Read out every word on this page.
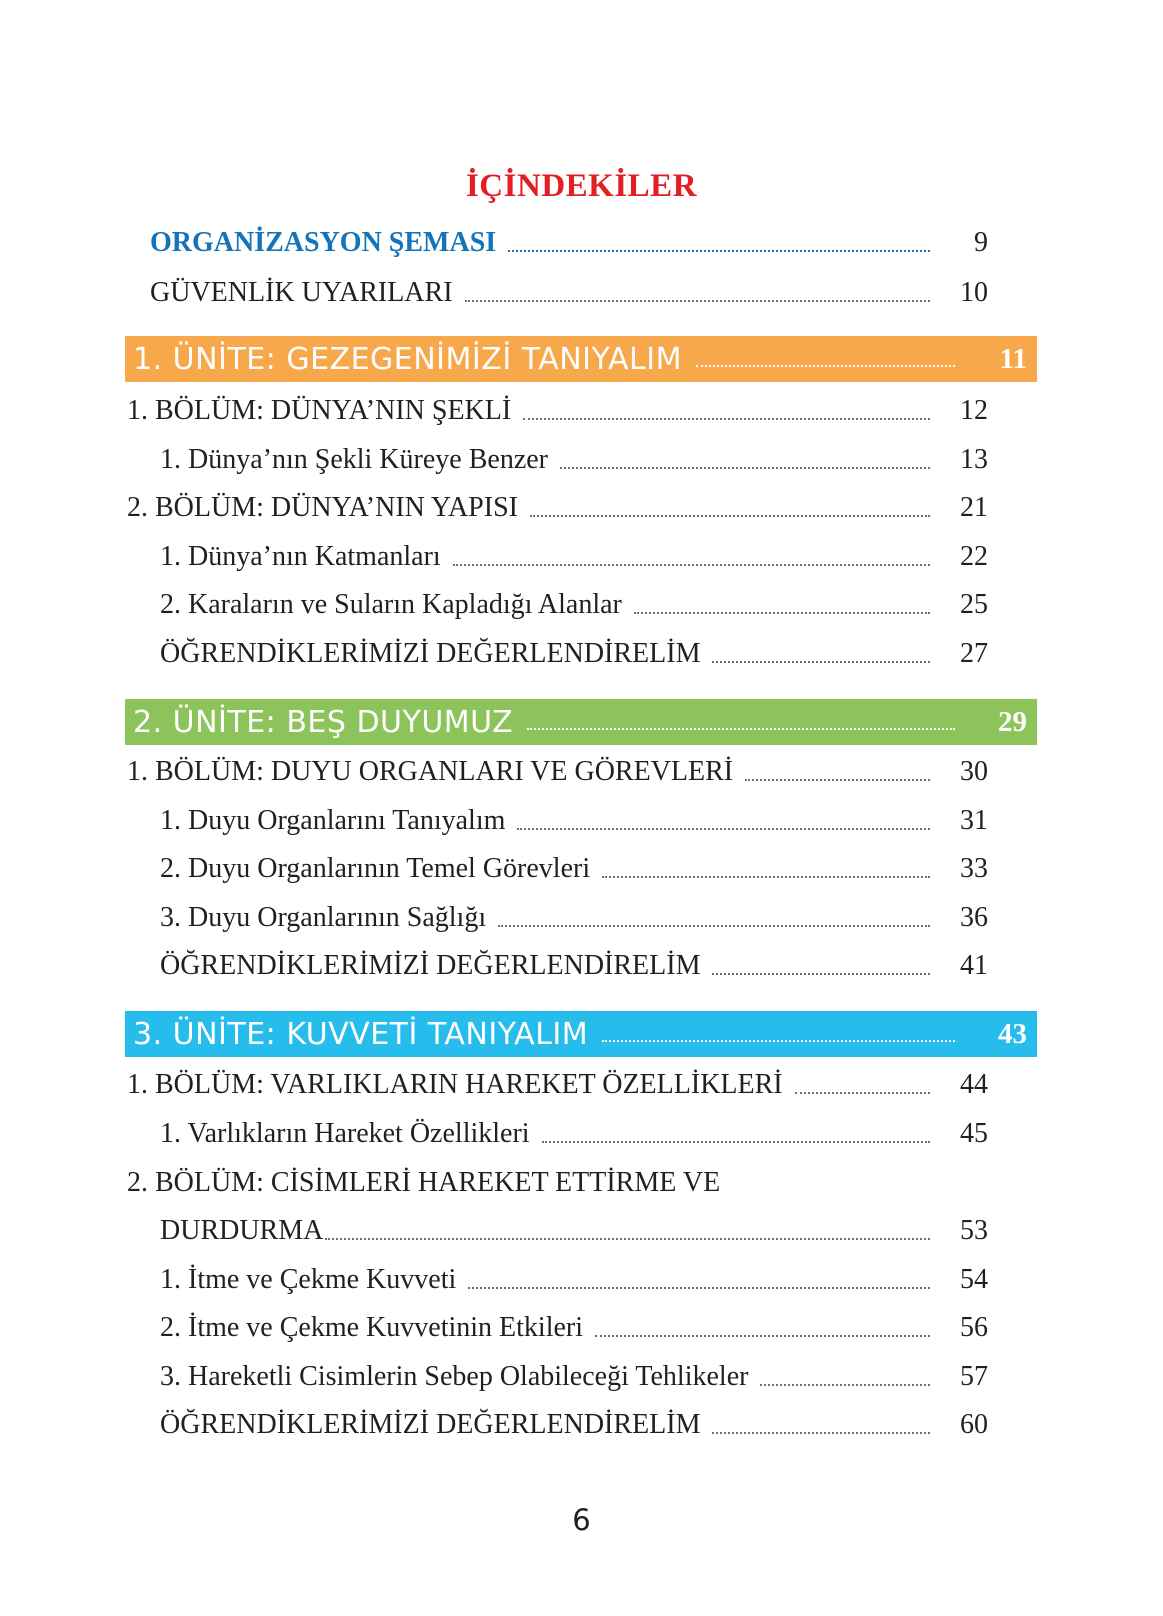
İÇİNDEKİLER
ORGANİZASYON ŞEMASI	9
GÜVENLİK UYARILARI	10
1. ÜNİTE: GEZEGENİMİZİ TANIYALIM	11
1. BÖLÜM: DÜNYA’NIN ŞEKLİ	12
1. Dünya’nın Şekli Küreye Benzer	13
2. BÖLÜM: DÜNYA’NIN YAPISI	21
1. Dünya’nın Katmanları	22
2. Karaların ve Suların Kapladığı Alanlar	25
ÖĞRENDİKLERİMİZİ DEĞERLENDİRELİM	27
2. ÜNİTE: BEŞ DUYUMUZ	29
1. BÖLÜM: DUYU ORGANLARI VE GÖREVLERİ	30
1. Duyu Organlarını Tanıyalım	31
2. Duyu Organlarının Temel Görevleri	33
3. Duyu Organlarının Sağlığı	36
ÖĞRENDİKLERİMİZİ DEĞERLENDİRELİM	41
3. ÜNİTE: KUVVETİ TANIYALIM	43
1. BÖLÜM: VARLIKLARIN HAREKET ÖZELLİKLERİ	44
1. Varlıkların Hareket Özellikleri	45
2. BÖLÜM: CİSİMLERİ HAREKET ETTİRME VE
DURDURMA	53
1. İtme ve Çekme Kuvveti	54
2. İtme ve Çekme Kuvvetinin Etkileri	56
3. Hareketli Cisimlerin Sebep Olabileceği Tehlikeler	57
ÖĞRENDİKLERİMİZİ DEĞERLENDİRELİM	60
6
